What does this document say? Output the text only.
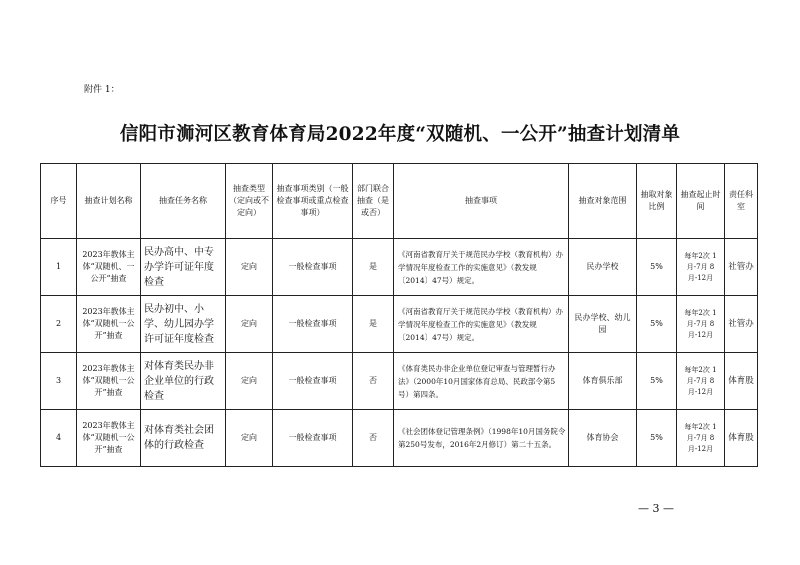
附件 1：
信阳市浉河区教育体育局2022年度“双随机、一公开”抽查计划清单
序号	抽查计划名称	抽查任务名称	抽查类型（定向或不定向）	抽查事项类别（一般检查事项或重点检查事项）	部门联合抽查（是或否）	抽查事项	抽查对象范围	抽取对象比例	抽查起止时间	责任科室
1	2023年教体主体“双随机、一公开”抽查	民办高中、中专办学许可证年度检查	定向	一般检查事项	是	《河南省教育厅关于规范民办学校（教育机构）办学情况年度检查工作的实施意见》（教发规〔2014〕47号）规定。	民办学校	5%	每年2次 1月-7月 8月-12月	社管办
2	2023年教体主体“双随机一公开”抽查	民办初中、小学、幼儿园办学许可证年度检查	定向	一般检查事项	是	《河南省教育厅关于规范民办学校（教育机构）办学情况年度检查工作的实施意见》（教发规〔2014〕47号）规定。	民办学校、幼儿园	5%	每年2次 1月-7月 8月-12月	社管办
3	2023年教体主体“双随机一公开”抽查	对体育类民办非企业单位的行政检查	定向	一般检查事项	否	《体育类民办非企业单位登记审查与管理暂行办法》（2000年10月国家体育总局、民政部令第5号）第四条。	体育俱乐部	5%	每年2次 1月-7月 8月-12月	体育股
4	2023年教体主体“双随机一公开”抽查	对体育类社会团体的行政检查	定向	一般检查事项	否	《社会团体登记管理条例》（1998年10月国务院令第250号发布，2016年2月修订）第二十五条。	体育协会	5%	每年2次 1月-7月 8月-12月	体育股
— 3 —
